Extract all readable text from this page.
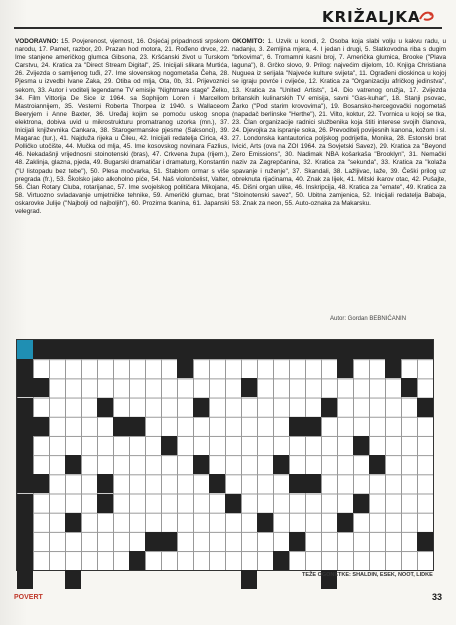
KRIŽALJKA
VODORAVNO: 15. Povjerenost, vjernost, 16. Osjećaj pripadnosti srpskom narodu, 17. Pamet, razbor, 20. Prazan hod motora, 21. Rođeno drvce, 22. Ime stanjene američkog glumca Gibsona, 23. Kršćanski život u Turskom Carstvu, 24. Kratica za "Direct Stream Digital", 25. Inicijali slikara Murtića, 26. Zvijezda o samljenog tuđi, 27. Ime slovenskog nogometaša Čeha, 28. Pjesma u izvedbi Ivane Zaka, 29. Otiba od mlja, Ota, 0b, 31. Prijevoznici sekom, 33. Autor i voditelj legendarne TV emisije "Nightmare stage" Želko, 34. Film Vittorija De Sice iz 1964. sa Sophijom Loren i Marcellom Mastroiannijem, 35. Vesterni Roberta Thorpea iz 1940. s Wallaceom Beeryjem i Anne Baxter, 36. Uređaj kojim se pomoću uskog snopa elektrona, dobiva uvid u mikrostrukturu promatranog uzorka (mn.), 37. Inicijali književnika Cankara, 38. Starogermanske pjesme (Saksonci), 39. Magarac (tur.), 41. Najduža rijeka u Čileu, 42. Inicijali redatelja Cirica, 43. Polličko utočište, 44. Mučka od mlja, 45. Ime kosovskog novinara Fazlius, 46. Nekadašnji vrijednosni stoinotenski (bras), 47. Crkvena župa (rijem.), 48. Zaklinja, glazna, pjeda, 49. Bugarski dramatičar i dramaturg, Konstantin ("U listopadu bez tebe"), 50. Plesa močvarka, 51. Stablom ormar s više pregrada (fr.), 53. Školsko jako alkoholno piće, 54. Naš violončelist, Valter, 56. Član Rotary Cluba, rotarijanac, 57. Ime svojelskog političara Mikojana, 58. Virtuozno svladavanje umjetničke tehnike, 59. Američki glumac, brat oskarovke Julije ("Najbolji od najboljih"), 60. Prozirna tkanina, 61. Japanski velegrad.
OKOMITO: 1. Uzvik u kondi, 2. Osoba koja slabi volju u kakvu radu, u nadanju, 3. Zemljina mjera, 4. I jedan i drugi, 5. Slatkovodna riba s dugim "brkovima", 6. Tromamni kasni broj, 7. Američka glumica, Brooke ("Plava laguna"), 8. Grčko slovo, 9. Prilog: najvećim dijelom, 10. Knjiga Christiana Nuguea iz serijala "Najveće kulture svijeta", 11. Ograđeni dioskinca u kojoj se igraju povrće i cvijeće, 12. Kratica za "Organizaciju afričkog jedinstva", 13. Kratica za "United Artists", 14. Dio vatrenog oružja, 17. Zvijezda britanskih kulinarskih TV emisija, savni "Gas-kuhar", 18. Stanji psovac, Žarko ("Pod starim krovovima"), 19. Bosansko-hercegovački nogometaš (napadač berlinske "Herthe"), 21. Vilto, koktur, 22. Tvornica u kojoj se tka, 23. Član organizacije radnici službenika koja štiti interese svojih članova, 24. Djevojka za ispranje soka, 26. Prevoditelj povijesnih kanona, kožom i sl. 27. Londonska kantautorica poljskog podrijetla, Monika, 28. Estonski brat Ivicić, Arts (ova na ZOI 1964. za Sovjetski Savez), 29. Kratica za "Beyond Zero Emissions", 30. Nadimak NBA košarkaša "Brooklyn", 31. Nemački naziv za Zagrepčanina, 32. Kratica za "sekunda", 33. Kratica za "kolaža spavanje i ruženje", 37. Skandali, 38. Lažljivac, laže, 39. Češki prilog uz obreknuta rijaćinama, 40. Znak za lijek, 41. Mitski ikarov otac, 42. Pušajte, 45. Dišni organ ulike, 46. Inskripcija, 48. Kratica za "emate", 49. Kratica za "Stoinotenski savez", 50. Ubitna zamjenica, 52. Inicijali redatelja Babaja, 53. Znak za neon, 55. Auto-oznaka za Makarsku.
Autor: Gordan BEBNIĆANIN
TEŽE OGONETKE: SHALDIN, ESEK, NOOT, LIDKE
POVERT	33
